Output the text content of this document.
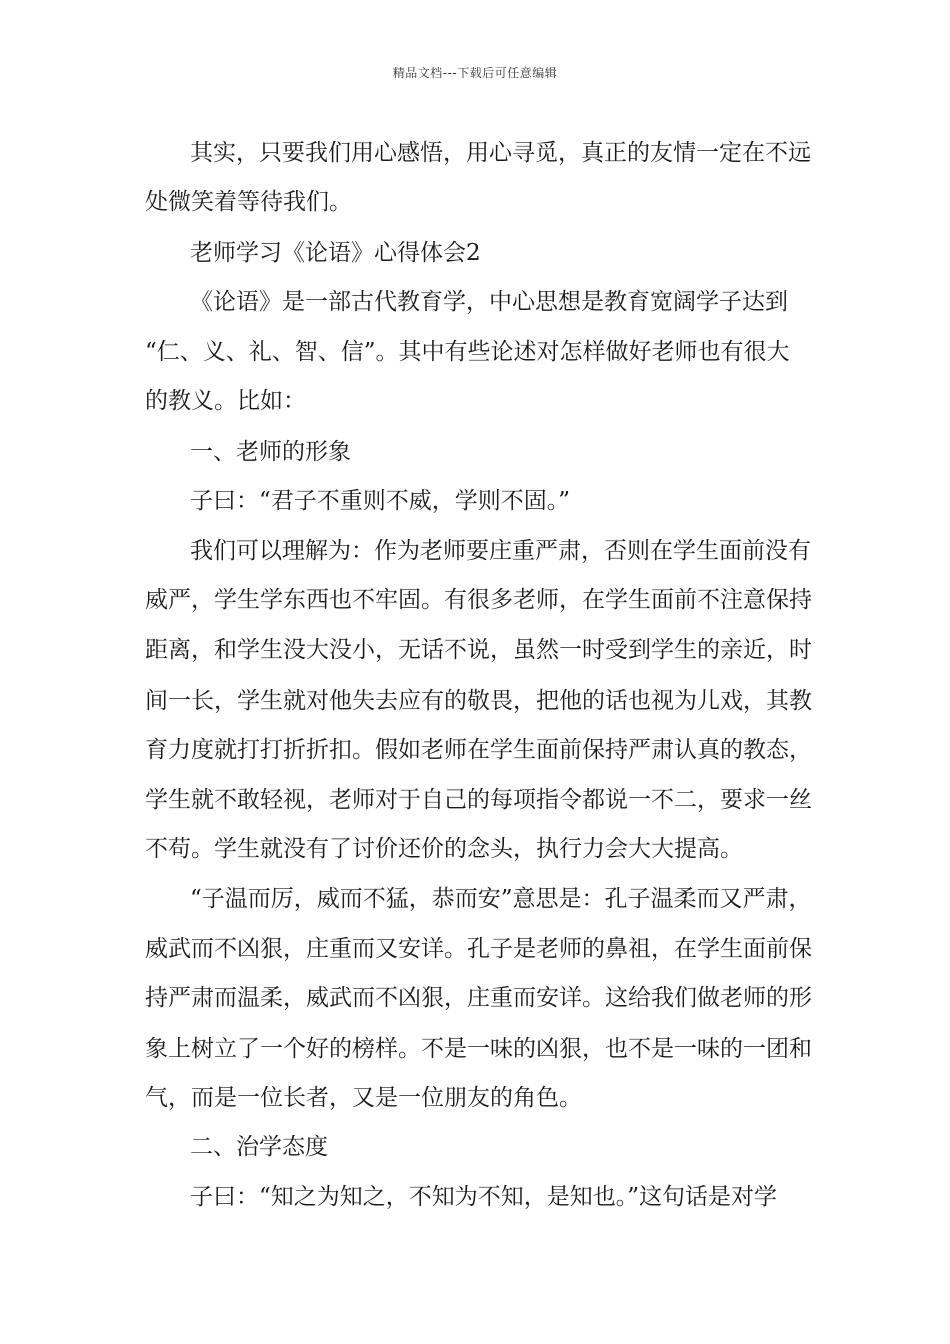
精品文档---下载后可任意编辑
其实，只要我们用心感悟，用心寻觅，真正的友情一定在不远
处微笑着等待我们。
老师学习《论语》心得体会2
《论语》是一部古代教育学，中心思想是教育宽阔学子达到
“仁、义、礼、智、信”。其中有些论述对怎样做好老师也有很大
的教义。比如：
一、老师的形象
子曰：“君子不重则不威，学则不固。”
我们可以理解为：作为老师要庄重严肃，否则在学生面前没有
威严，学生学东西也不牢固。有很多老师，在学生面前不注意保持
距离，和学生没大没小，无话不说，虽然一时受到学生的亲近，时
间一长，学生就对他失去应有的敬畏，把他的话也视为儿戏，其教
育力度就打打折折扣。假如老师在学生面前保持严肃认真的教态，
学生就不敢轻视，老师对于自己的每项指令都说一不二，要求一丝
不苟。学生就没有了讨价还价的念头，执行力会大大提高。
“子温而厉，威而不猛，恭而安”意思是：孔子温柔而又严肃，
威武而不凶狠，庄重而又安详。孔子是老师的鼻祖，在学生面前保
持严肃而温柔，威武而不凶狠，庄重而安详。这给我们做老师的形
象上树立了一个好的榜样。不是一味的凶狠，也不是一味的一团和
气，而是一位长者，又是一位朋友的角色。
二、治学态度
子曰：“知之为知之，不知为不知，是知也。”这句话是对学
